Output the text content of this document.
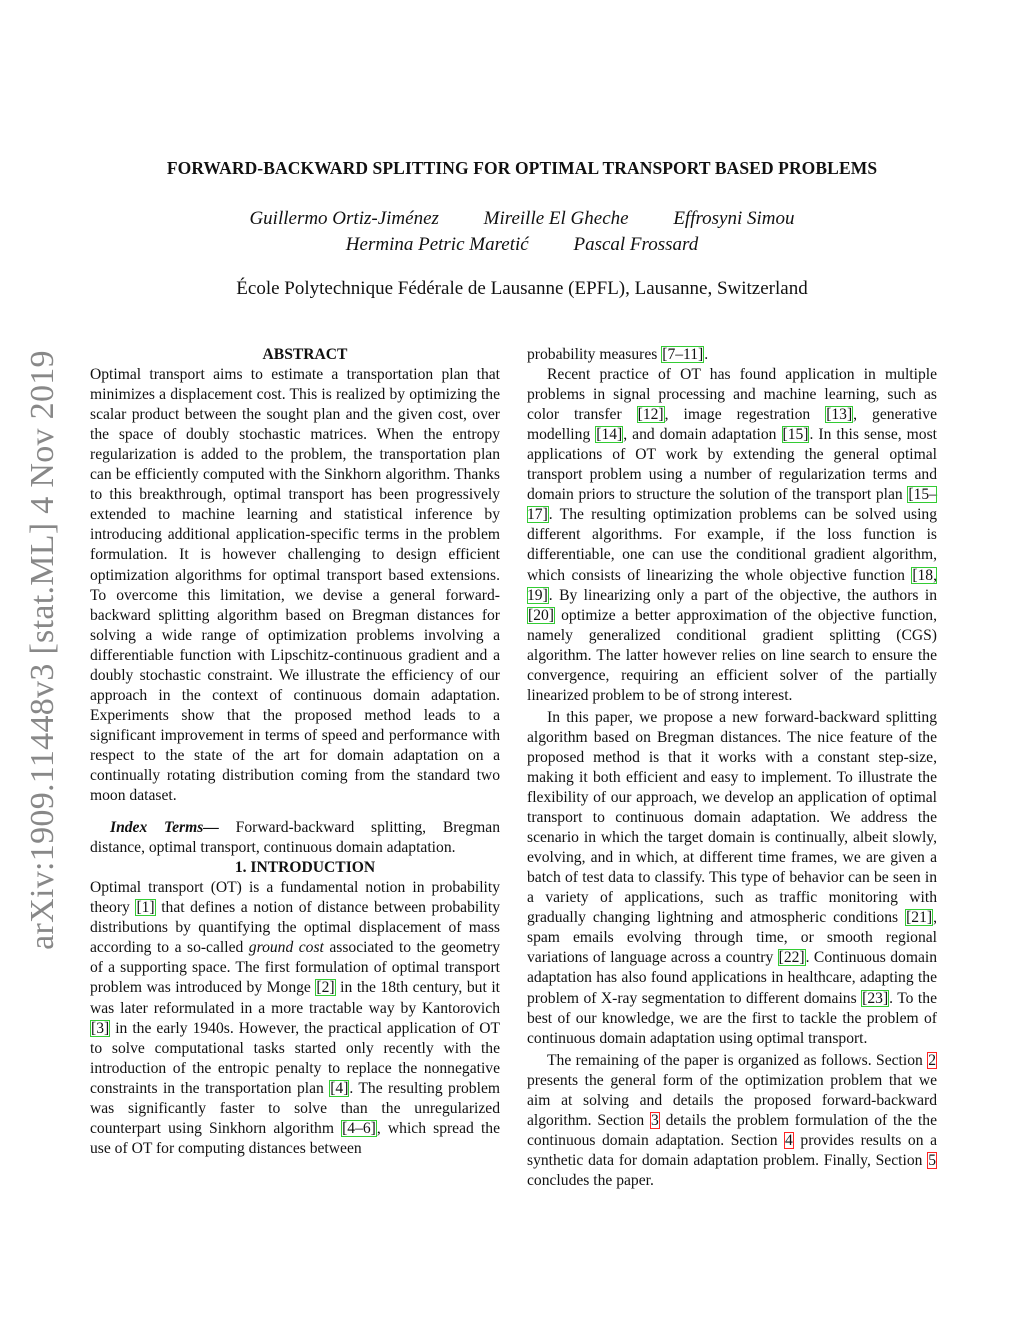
arXiv:1909.11448v3 [stat.ML] 4 Nov 2019
FORWARD-BACKWARD SPLITTING FOR OPTIMAL TRANSPORT BASED PROBLEMS
Guillermo Ortiz-Jiménez Mireille El Gheche Effrosyni Simou
Hermina Petric Maretić Pascal Frossard
École Polytechnique Fédérale de Lausanne (EPFL), Lausanne, Switzerland

ABSTRACT

Optimal transport aims to estimate a transportation plan that minimizes a displacement cost. This is realized by optimizing the scalar product between the sought plan and the given cost, over the space of doubly stochastic matrices. When the entropy regularization is added to the problem, the transportation plan can be efficiently computed with the Sinkhorn algorithm. Thanks to this breakthrough, optimal transport has been progressively extended to machine learning and statistical inference by introducing additional application-specific terms in the problem formulation. It is however challenging to design efficient optimization algorithms for optimal transport based extensions. To overcome this limitation, we devise a general forward-backward splitting algorithm based on Bregman distances for solving a wide range of optimization problems involving a differentiable function with Lipschitz-continuous gradient and a doubly stochastic constraint. We illustrate the efficiency of our approach in the context of continuous domain adaptation. Experiments show that the proposed method leads to a significant improvement in terms of speed and performance with respect to the state of the art for domain adaptation on a continually rotating distribution coming from the standard two moon dataset.

Index Terms— Forward-backward splitting, Bregman distance, optimal transport, continuous domain adaptation.

1. INTRODUCTION

Optimal transport (OT) is a fundamental notion in probability theory [1] that defines a notion of distance between probability distributions by quantifying the optimal displacement of mass according to a so-called ground cost associated to the geometry of a supporting space. The first formulation of optimal transport problem was introduced by Monge [2] in the 18th century, but it was later reformulated in a more tractable way by Kantorovich [3] in the early 1940s. However, the practical application of OT to solve computational tasks started only recently with the introduction of the entropic penalty to replace the nonnegative constraints in the transportation plan [4]. The resulting problem was significantly faster to solve than the unregularized counterpart using Sinkhorn algorithm [4–6], which spread the use of OT for computing distances between

probability measures [7–11].

Recent practice of OT has found application in multiple problems in signal processing and machine learning, such as color transfer [12], image regestration [13], generative modelling [14], and domain adaptation [15]. In this sense, most applications of OT work by extending the general optimal transport problem using a number of regularization terms and domain priors to structure the solution of the transport plan [15–17]. The resulting optimization problems can be solved using different algorithms. For example, if the loss function is differentiable, one can use the conditional gradient algorithm, which consists of linearizing the whole objective function [18, 19]. By linearizing only a part of the objective, the authors in [20] optimize a better approximation of the objective function, namely generalized conditional gradient splitting (CGS) algorithm. The latter however relies on line search to ensure the convergence, requiring an efficient solver of the partially linearized problem to be of strong interest.

In this paper, we propose a new forward-backward splitting algorithm based on Bregman distances. The nice feature of the proposed method is that it works with a constant step-size, making it both efficient and easy to implement. To illustrate the flexibility of our approach, we develop an application of optimal transport to continuous domain adaptation. We address the scenario in which the target domain is continually, albeit slowly, evolving, and in which, at different time frames, we are given a batch of test data to classify. This type of behavior can be seen in a variety of applications, such as traffic monitoring with gradually changing lightning and atmospheric conditions [21], spam emails evolving through time, or smooth regional variations of language across a country [22]. Continuous domain adaptation has also found applications in healthcare, adapting the problem of X-ray segmentation to different domains [23]. To the best of our knowledge, we are the first to tackle the problem of continuous domain adaptation using optimal transport.

The remaining of the paper is organized as follows. Section 2 presents the general form of the optimization problem that we aim at solving and details the proposed forward-backward algorithm. Section 3 details the problem formulation of the the continuous domain adaptation. Section 4 provides results on a synthetic data for domain adaptation problem. Finally, Section 5 concludes the paper.
